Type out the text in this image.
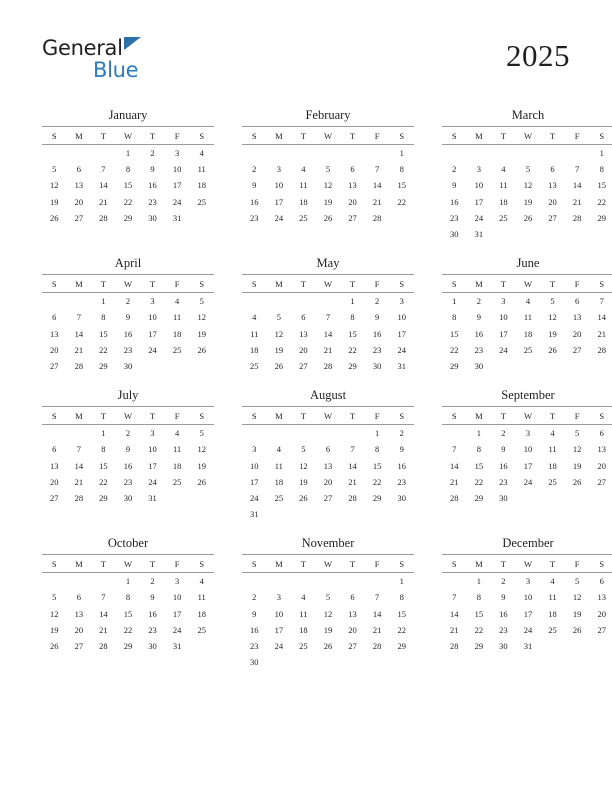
General
Blue	2025
January
S	M	T	W	T	F	S
			1	2	3	4
5	6	7	8	9	10	11
12	13	14	15	16	17	18
19	20	21	22	23	24	25
26	27	28	29	30	31	
February
S	M	T	W	T	F	S
						1
2	3	4	5	6	7	8
9	10	11	12	13	14	15
16	17	18	19	20	21	22
23	24	25	26	27	28	
March
S	M	T	W	T	F	S
						1
2	3	4	5	6	7	8
9	10	11	12	13	14	15
16	17	18	19	20	21	22
23	24	25	26	27	28	29
30	31					
April
S	M	T	W	T	F	S
		1	2	3	4	5
6	7	8	9	10	11	12
13	14	15	16	17	18	19
20	21	22	23	24	25	26
27	28	29	30			
May
S	M	T	W	T	F	S
				1	2	3
4	5	6	7	8	9	10
11	12	13	14	15	16	17
18	19	20	21	22	23	24
25	26	27	28	29	30	31
June
S	M	T	W	T	F	S
1	2	3	4	5	6	7
8	9	10	11	12	13	14
15	16	17	18	19	20	21
22	23	24	25	26	27	28
29	30					
July
S	M	T	W	T	F	S
		1	2	3	4	5
6	7	8	9	10	11	12
13	14	15	16	17	18	19
20	21	22	23	24	25	26
27	28	29	30	31		
August
S	M	T	W	T	F	S
					1	2
3	4	5	6	7	8	9
10	11	12	13	14	15	16
17	18	19	20	21	22	23
24	25	26	27	28	29	30
31						
September
S	M	T	W	T	F	S
	1	2	3	4	5	6
7	8	9	10	11	12	13
14	15	16	17	18	19	20
21	22	23	24	25	26	27
28	29	30				
October
S	M	T	W	T	F	S
			1	2	3	4
5	6	7	8	9	10	11
12	13	14	15	16	17	18
19	20	21	22	23	24	25
26	27	28	29	30	31	
November
S	M	T	W	T	F	S
						1
2	3	4	5	6	7	8
9	10	11	12	13	14	15
16	17	18	19	20	21	22
23	24	25	26	27	28	29
30						
December
S	M	T	W	T	F	S
	1	2	3	4	5	6
7	8	9	10	11	12	13
14	15	16	17	18	19	20
21	22	23	24	25	26	27
28	29	30	31			
